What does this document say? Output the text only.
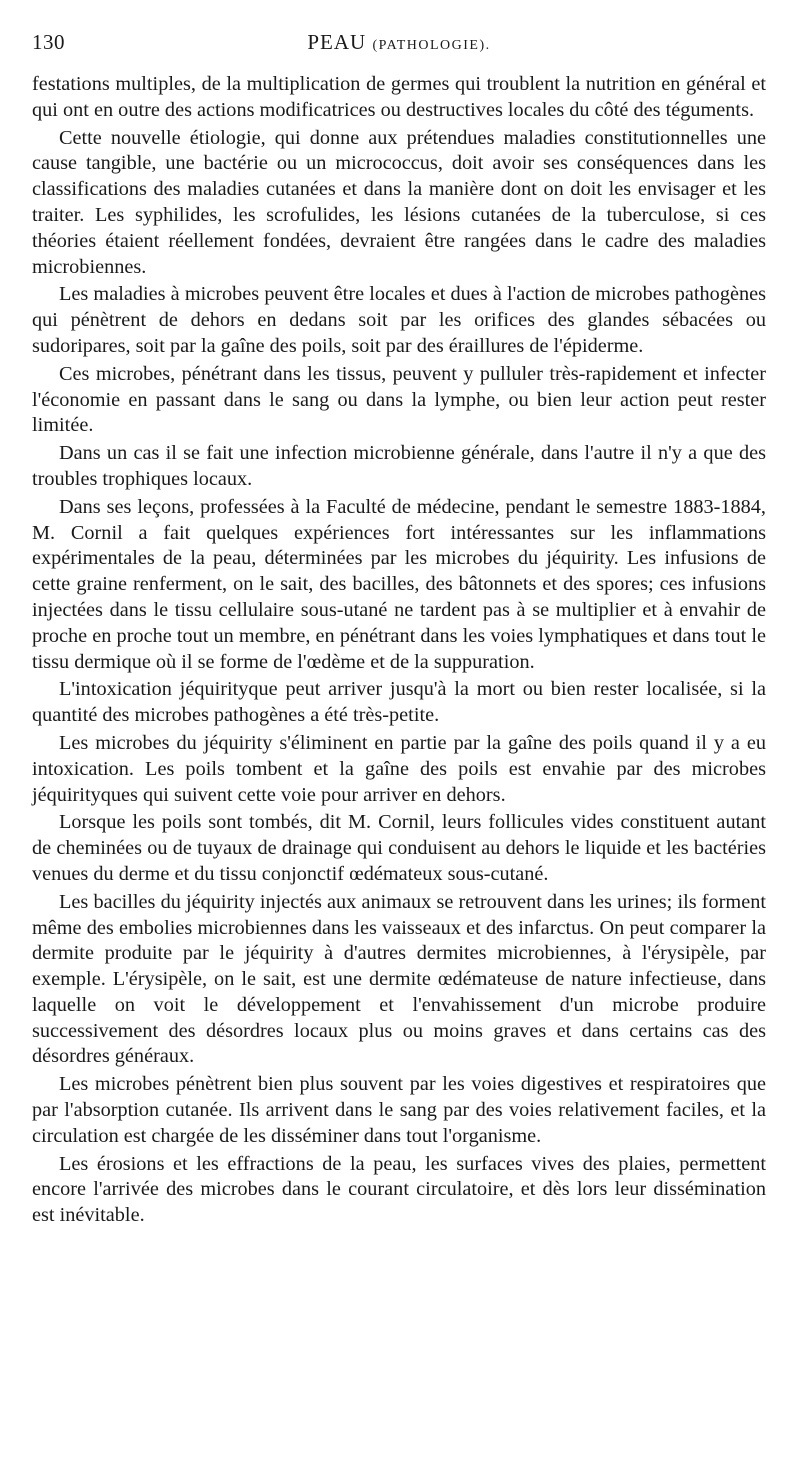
130	PEAU (PATHOLOGIE).

festations multiples, de la multiplication de germes qui troublent la nutrition en général et qui ont en outre des actions modificatrices ou destructives locales du côté des téguments.

Cette nouvelle étiologie, qui donne aux prétendues maladies constitutionnelles une cause tangible, une bactérie ou un micrococcus, doit avoir ses conséquences dans les classifications des maladies cutanées et dans la manière dont on doit les envisager et les traiter. Les syphilides, les scrofulides, les lésions cutanées de la tuberculose, si ces théories étaient réellement fondées, devraient être rangées dans le cadre des maladies microbiennes.

Les maladies à microbes peuvent être locales et dues à l'action de microbes pathogènes qui pénètrent de dehors en dedans soit par les orifices des glandes sébacées ou sudoripares, soit par la gaîne des poils, soit par des éraillures de l'épiderme.

Ces microbes, pénétrant dans les tissus, peuvent y pulluler très-rapidement et infecter l'économie en passant dans le sang ou dans la lymphe, ou bien leur action peut rester limitée.

Dans un cas il se fait une infection microbienne générale, dans l'autre il n'y a que des troubles trophiques locaux.

Dans ses leçons, professées à la Faculté de médecine, pendant le semestre 1883-1884, M. Cornil a fait quelques expériences fort intéressantes sur les inflammations expérimentales de la peau, déterminées par les microbes du jéquirity. Les infusions de cette graine renferment, on le sait, des bacilles, des bâtonnets et des spores; ces infusions injectées dans le tissu cellulaire sous-utané ne tardent pas à se multiplier et à envahir de proche en proche tout un membre, en pénétrant dans les voies lymphatiques et dans tout le tissu dermique où il se forme de l'œdème et de la suppuration.

L'intoxication jéquirityque peut arriver jusqu'à la mort ou bien rester localisée, si la quantité des microbes pathogènes a été très-petite.

Les microbes du jéquirity s'éliminent en partie par la gaîne des poils quand il y a eu intoxication. Les poils tombent et la gaîne des poils est envahie par des microbes jéquirityques qui suivent cette voie pour arriver en dehors.

Lorsque les poils sont tombés, dit M. Cornil, leurs follicules vides constituent autant de cheminées ou de tuyaux de drainage qui conduisent au dehors le liquide et les bactéries venues du derme et du tissu conjonctif œdémateux sous-cutané.

Les bacilles du jéquirity injectés aux animaux se retrouvent dans les urines; ils forment même des embolies microbiennes dans les vaisseaux et des infarctus. On peut comparer la dermite produite par le jéquirity à d'autres dermites microbiennes, à l'érysipèle, par exemple. L'érysipèle, on le sait, est une dermite œdémateuse de nature infectieuse, dans laquelle on voit le développement et l'envahissement d'un microbe produire successivement des désordres locaux plus ou moins graves et dans certains cas des désordres généraux.

Les microbes pénètrent bien plus souvent par les voies digestives et respiratoires que par l'absorption cutanée. Ils arrivent dans le sang par des voies relativement faciles, et la circulation est chargée de les disséminer dans tout l'organisme.

Les érosions et les effractions de la peau, les surfaces vives des plaies, permettent encore l'arrivée des microbes dans le courant circulatoire, et dès lors leur dissémination est inévitable.
